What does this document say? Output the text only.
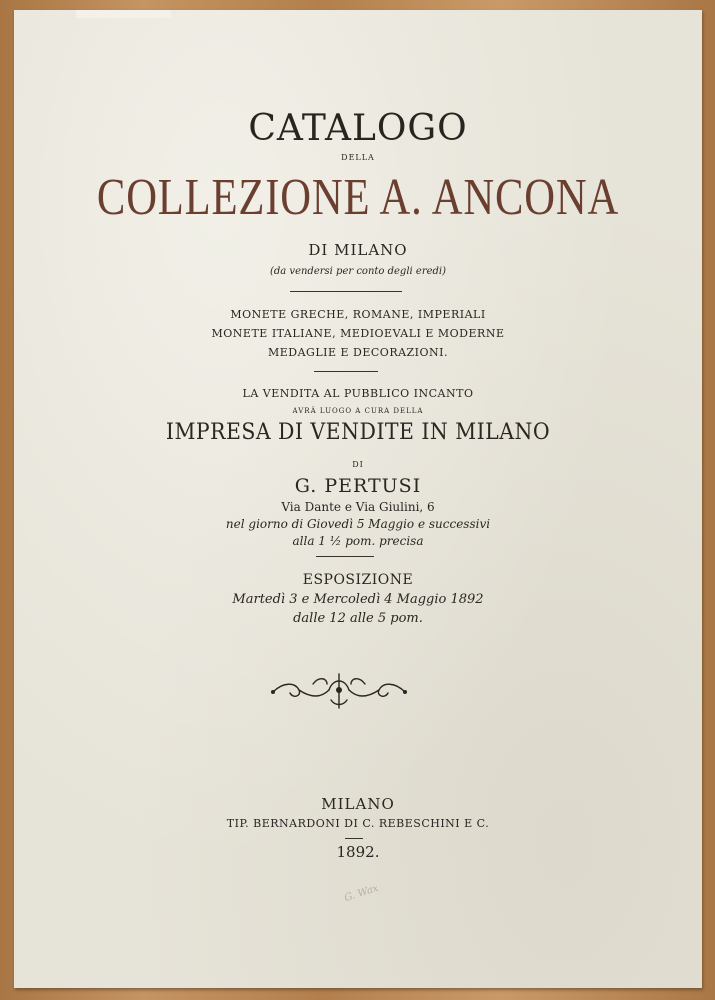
CATALOGO
DELLA
COLLEZIONE A. ANCONA
DI MILANO
(da vendersi per conto degli eredi)
MONETE GRECHE, ROMANE, IMPERIALI
MONETE ITALIANE, MEDIOEVALI E MODERNE
MEDAGLIE E DECORAZIONI.
LA VENDITA AL PUBBLICO INCANTO
AVRÀ LUOGO A CURA DELLA
IMPRESA DI VENDITE IN MILANO
DI
G. PERTUSI
Via Dante e Via Giulini, 6
nel giorno di Giovedì 5 Maggio e successivi
alla 1 ½ pom. precisa
ESPOSIZIONE
Martedì 3 e Mercoledì 4 Maggio 1892
dalle 12 alle 5 pom.
MILANO
TIP. BERNARDONI DI C. REBESCHINI E C.
1892.
G. Wax
